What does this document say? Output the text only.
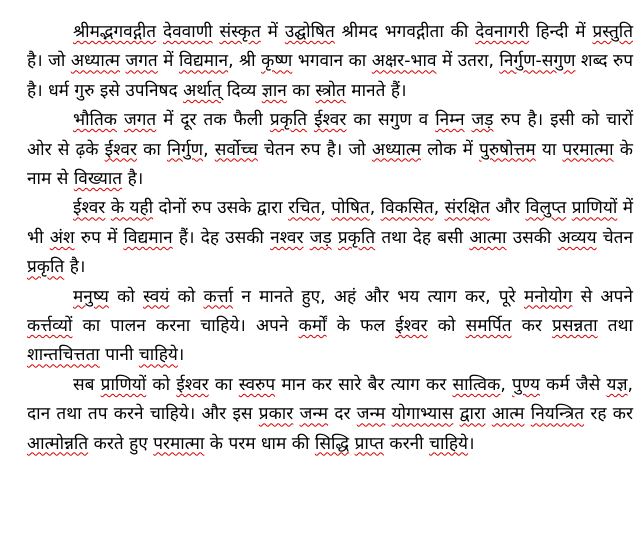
श्रीमद्भगवद्गीत देववाणी संस्कृत में उद्घोषित श्रीमद भगवद्गीता की देवनागरी हिन्दी में प्रस्तुति है। जो अध्यात्म जगत में विद्यमान, श्री कृष्ण भगवान का अक्षर-भाव में उतरा, निर्गुण-सगुण शब्द रुप है। धर्म गुरु इसे उपनिषद अर्थात् दिव्य ज्ञान का स्त्रोत मानते हैं।

भौतिक जगत में दूर तक फैली प्रकृति ईश्वर का सगुण व निम्न जड़ रुप है। इसी को चारों ओर से ढ़के ईश्वर का निर्गुण, सर्वोच्च चेतन रुप है। जो अध्यात्म लोक में पुरुषोत्तम या परमात्मा के नाम से विख्यात है।

ईश्वर के यही दोनों रुप उसके द्वारा रचित, पोषित, विकसित, संरक्षित और विलुप्त प्राणियों में भी अंश रुप में विद्यमान हैं। देह उसकी नश्वर जड़ प्रकृति तथा देह बसी आत्मा उसकी अव्यय चेतन प्रकृति है।

मनुष्य को स्वयं को कर्त्ता न मानते हुए, अहं और भय त्याग कर, पूरे मनोयोग से अपने कर्त्तव्यों का पालन करना चाहिये। अपने कर्मों के फल ईश्वर को समर्पित कर प्रसन्नता तथा शान्तचित्तता पानी चाहिये।

सब प्राणियों को ईश्वर का स्वरुप मान कर सारे बैर त्याग कर सात्विक, पुण्य कर्म जैसे यज्ञ, दान तथा तप करने चाहिये। और इस प्रकार जन्म दर जन्म योगाभ्यास द्वारा आत्म नियन्त्रित रह कर आत्मोन्नति करते हुए परमात्मा के परम धाम की सिद्धि प्राप्त करनी चाहिये।
